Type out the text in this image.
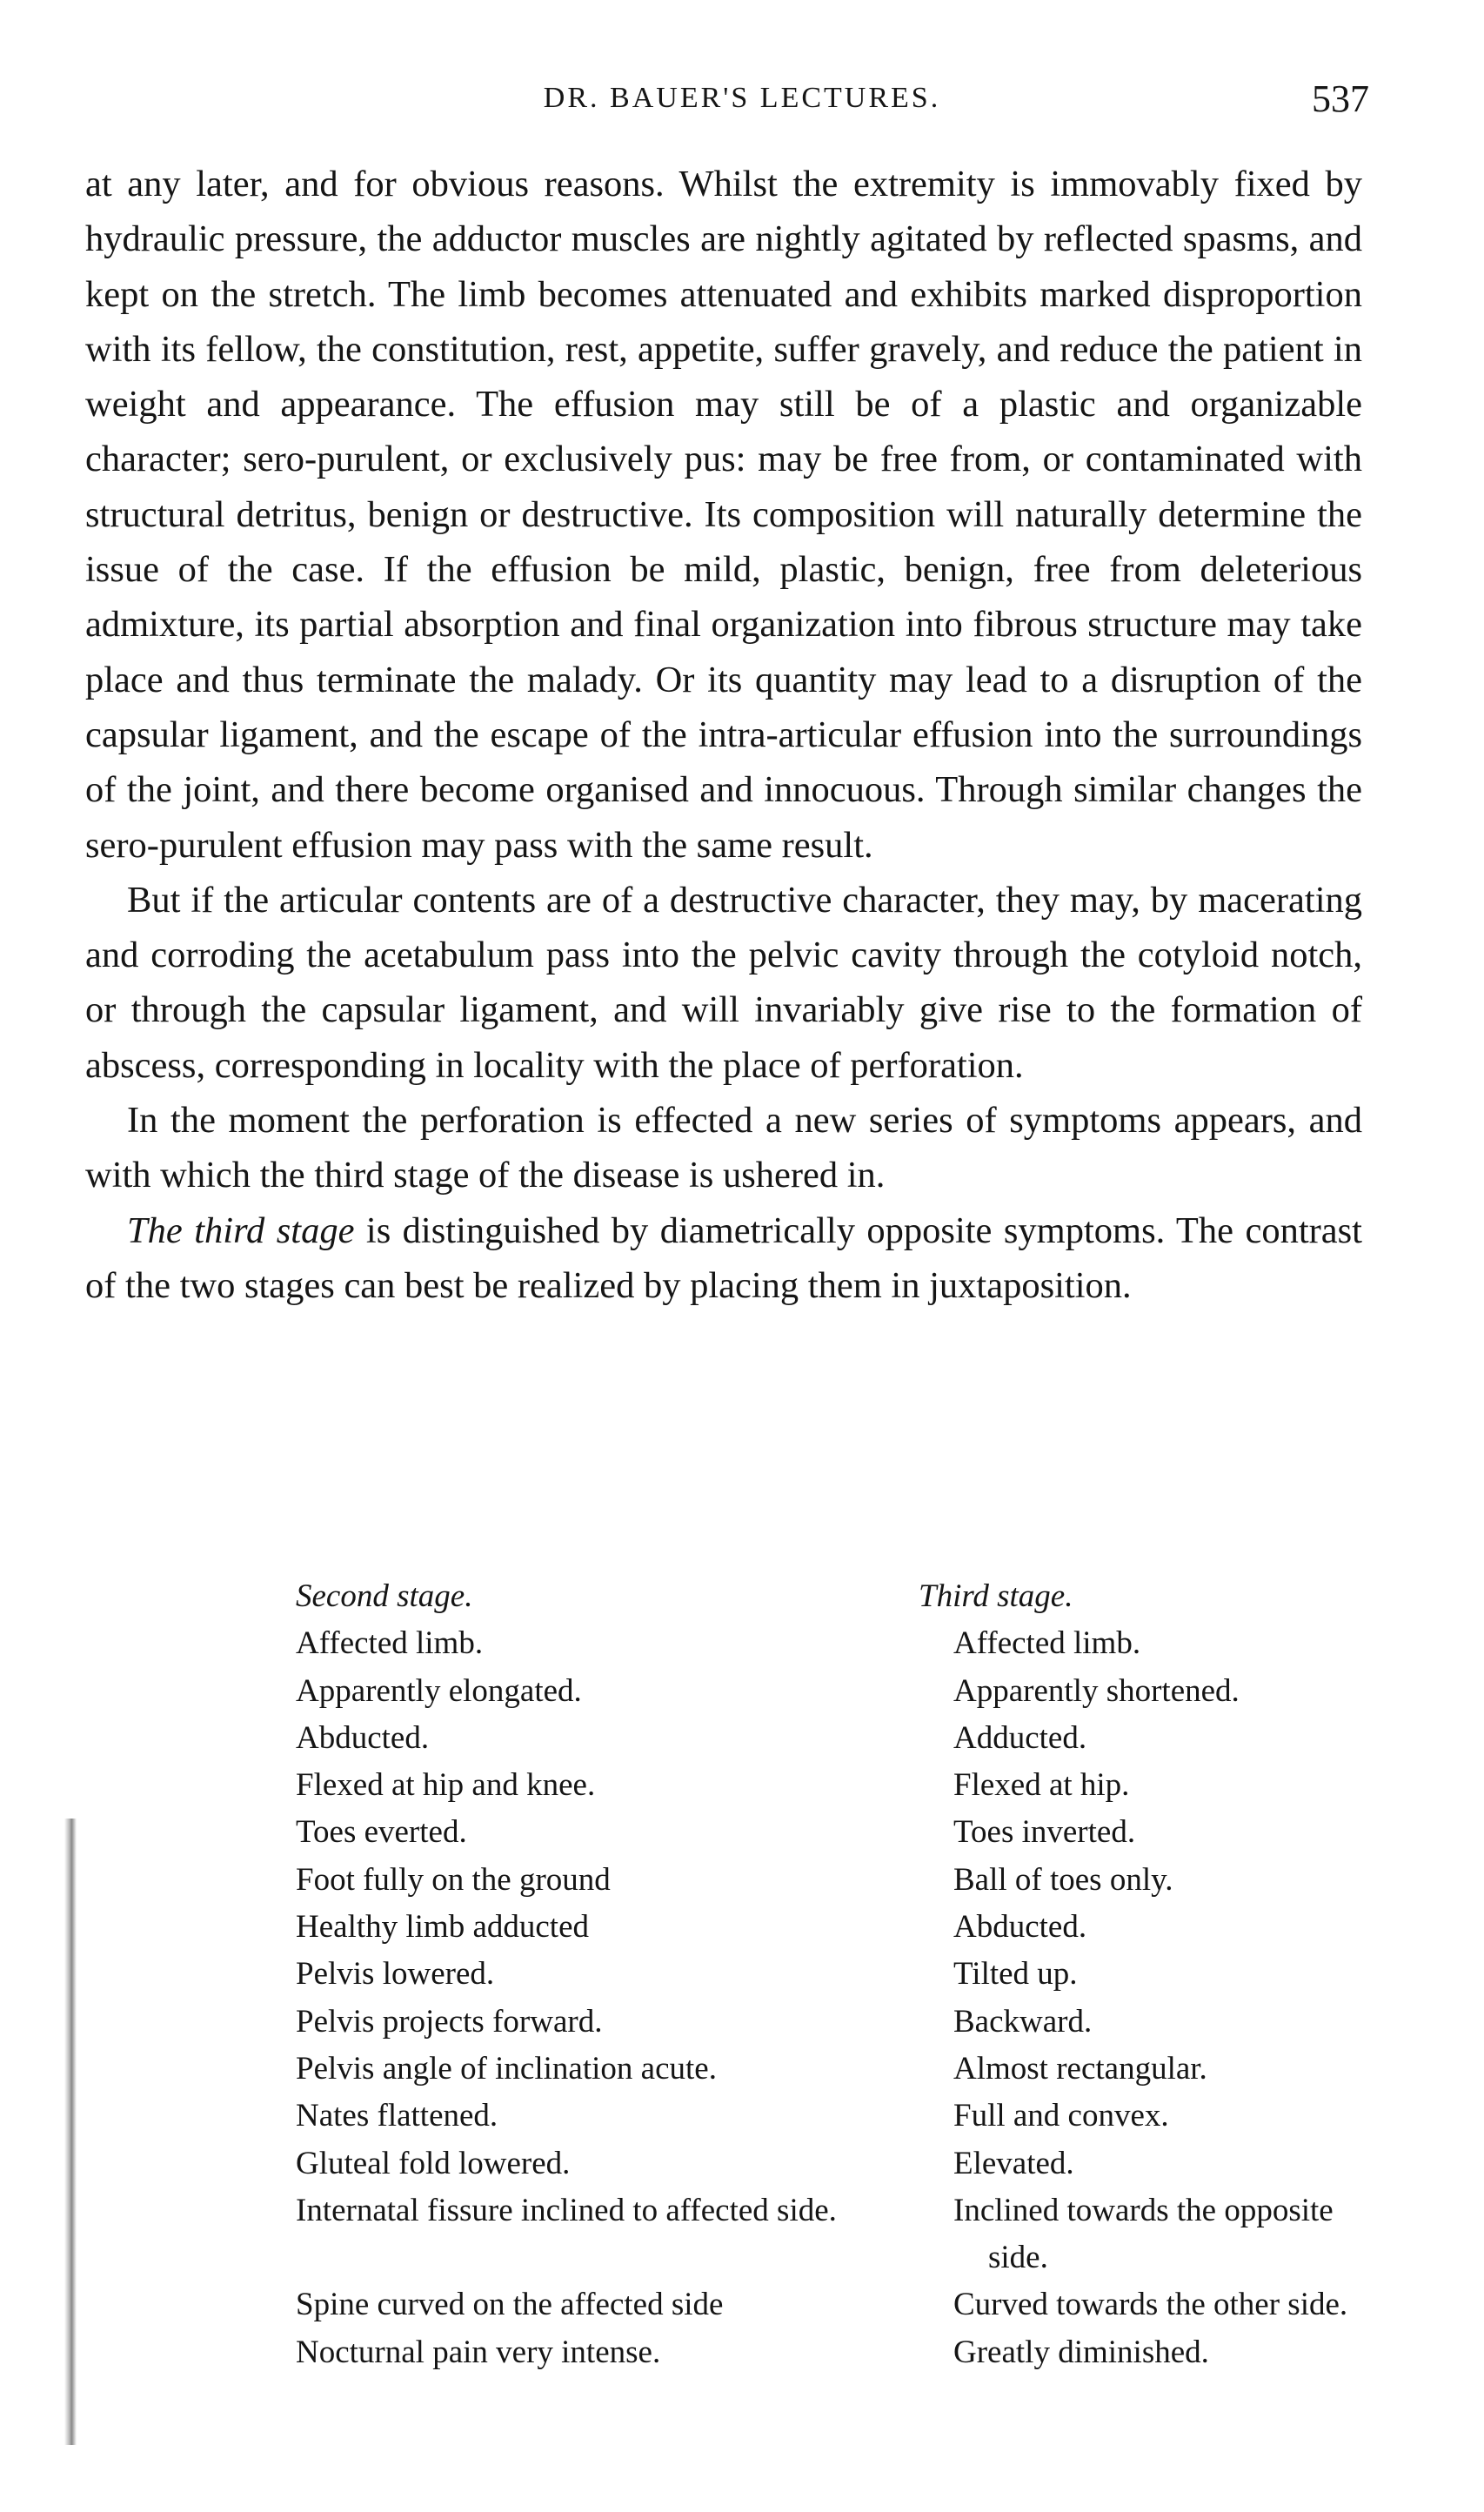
DR. BAUER'S LECTURES.	537

at any later, and for obvious reasons. Whilst the extremity is immovably fixed by hydraulic pressure, the adductor muscles are nightly agitated by reflected spasms, and kept on the stretch. The limb becomes attenuated and exhibits marked disproportion with its fellow, the constitution, rest, appetite, suffer gravely, and reduce the patient in weight and appearance. The effusion may still be of a plastic and organizable character; sero-purulent, or exclusively pus: may be free from, or contaminated with structural detritus, benign or destructive. Its composition will naturally determine the issue of the case. If the effusion be mild, plastic, benign, free from deleterious admixture, its partial absorption and final organization into fibrous structure may take place and thus terminate the malady. Or its quantity may lead to a disruption of the capsular ligament, and the escape of the intra-articular effusion into the surroundings of the joint, and there become organised and innocuous. Through similar changes the sero-purulent effusion may pass with the same result.

But if the articular contents are of a destructive character, they may, by macerating and corroding the acetabulum pass into the pelvic cavity through the cotyloid notch, or through the capsular ligament, and will invariably give rise to the formation of abscess, corresponding in locality with the place of perforation.

In the moment the perforation is effected a new series of symptoms appears, and with which the third stage of the disease is ushered in.

The third stage is distinguished by diametrically opposite symptoms. The contrast of the two stages can best be realized by placing them in juxtaposition.

Second stage.	Third stage.
Affected limb.	Affected limb.
Apparently elongated.	Apparently shortened.
Abducted.	Adducted.
Flexed at hip and knee.	Flexed at hip.
Toes everted.	Toes inverted.
Foot fully on the ground	Ball of toes only.
Healthy limb adducted	Abducted.
Pelvis lowered.	Tilted up.
Pelvis projects forward.	Backward.
Pelvis angle of inclination acute.	Almost rectangular.
Nates flattened.	Full and convex.
Gluteal fold lowered.	Elevated.
Internatal fissure inclined to affected side.	Inclined towards the opposite side.
Spine curved on the affected side	Curved towards the other side.
Nocturnal pain very intense.	Greatly diminished.
